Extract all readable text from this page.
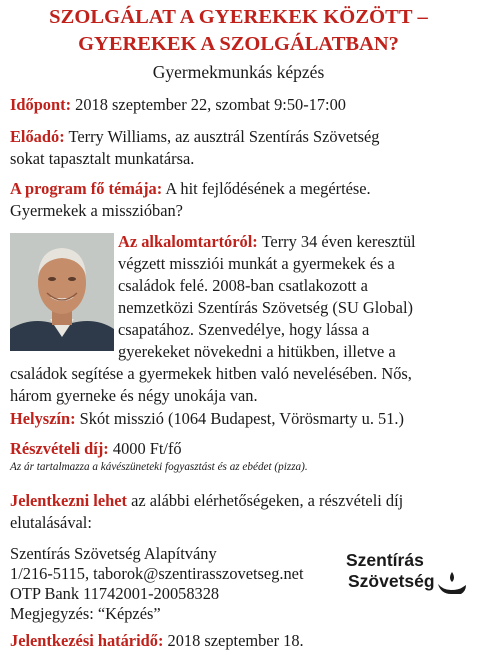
SZOLGÁLAT A GYEREKEK KÖZÖTT –
GYEREKEK A SZOLGÁLATBAN?
Gyermekmunkás képzés
Időpont: 2018 szeptember 22, szombat 9:50-17:00
Előadó: Terry Williams, az ausztrál Szentírás Szövetség
sokat tapasztalt munkatársa.
A program fő témája: A hit fejlődésének a megértése.
Gyermekek a misszióban?
Az alkalomtartóról: Terry 34 éven keresztül
végzett missziói munkát a gyermekek és a
családok felé. 2008-ban csatlakozott a
nemzetközi Szentírás Szövetség (SU Global)
csapatához. Szenvedélye, hogy lássa a
gyerekeket növekedni a hitükben, illetve a
családok segítése a gyermekek hitben való nevelésében. Nős,
három gyerneke és négy unokája van.
Helyszín: Skót misszió (1064 Budapest, Vörösmarty u. 51.)
Részvételi díj: 4000 Ft/fő
Az ár tartalmazza a kávészüneteki fogyasztást és az ebédet (pizza).
Jelentkezni lehet az alábbi elérhetőségeken, a részvételi díj
elutalásával:
Szentírás Szövetség Alapítvány
1/216-5115, taborok@szentirasszovetseg.net
OTP Bank 11742001-20058328
Megjegyzés: “Képzés”
Szentírás
Szövetség
Jelentkezési határidő: 2018 szeptember 18.
